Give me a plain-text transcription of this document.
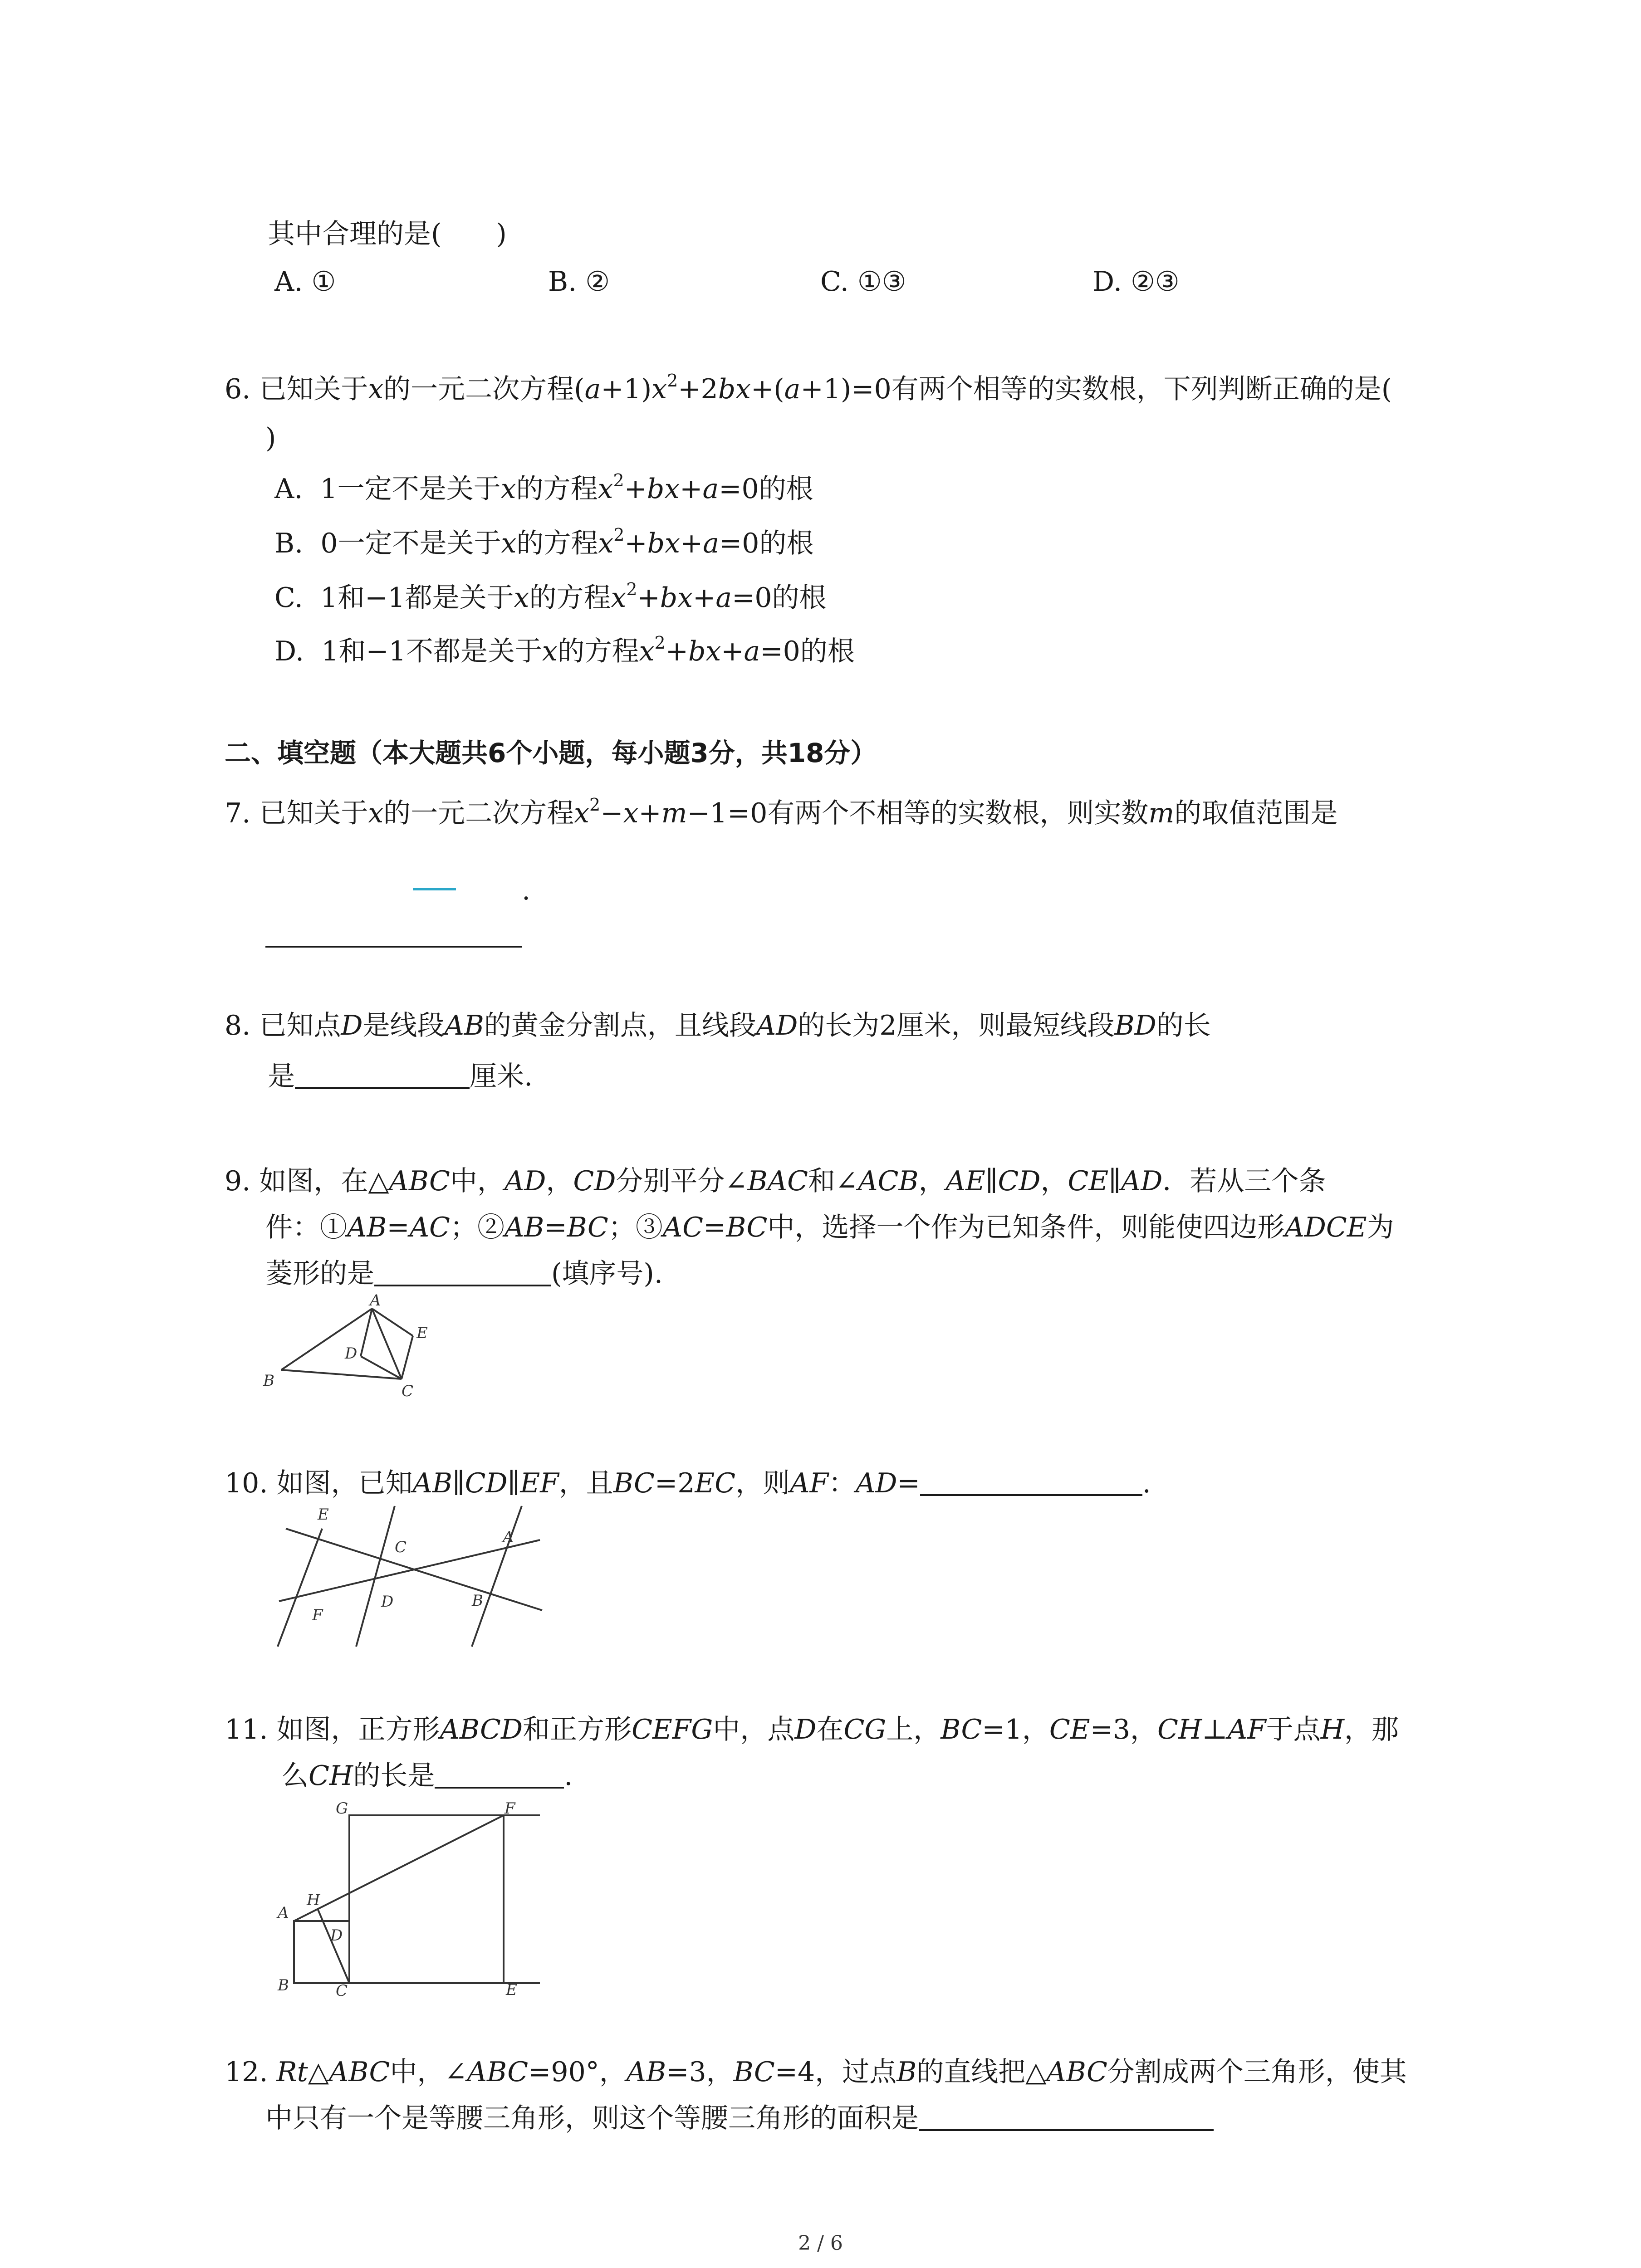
其中合理的是(　　)
A. ①	B. ②	C. ①③	D. ②③
6. 已知关于x的一元二次方程$(a+1)x^2+2bx+(a+1)=0$有两个相等的实数根，下列判断正确的是(
)
A. 1一定不是关于x的方程$x^2+bx+a=0$的根
B. 0一定不是关于x的方程$x^2+bx+a=0$的根
C. 1和−1都是关于x的方程$x^2+bx+a=0$的根
D. 1和−1不都是关于x的方程$x^2+bx+a=0$的根
二、填空题（本大题共6个小题，每小题3分，共18分）
7. 已知关于x的一元二次方程$x^2-x+m-1=0$有两个不相等的实数根，则实数m的取值范围是
.
8. 已知点D是线段AB的黄金分割点，且线段AD的长为2厘米，则最短线段BD的长
是	厘米.
9. 如图，在△ABC中，AD，CD分别平分∠BAC和∠ACB，AE∥CD，CE∥AD．若从三个条
件：①AB=AC；②AB=BC；③AC=BC中，选择一个作为已知条件，则能使四边形ADCE为
菱形的是	(填序号).
A
B
C
D
E
10. 如图，已知AB∥CD∥EF，且BC=2EC，则AF：AD=	.
E
C
A
D	B
F
11. 如图，正方形ABCD和正方形CEFG中，点D在CG上，BC=1，CE=3，CH⊥AF于点H，那
么CH的长是	.
G	F
A
H
D
B	C	E
12. Rt△ABC中，∠ABC=90°，AB=3，BC=4，过点B的直线把△ABC分割成两个三角形，使其
中只有一个是等腰三角形，则这个等腰三角形的面积是
2 / 6
